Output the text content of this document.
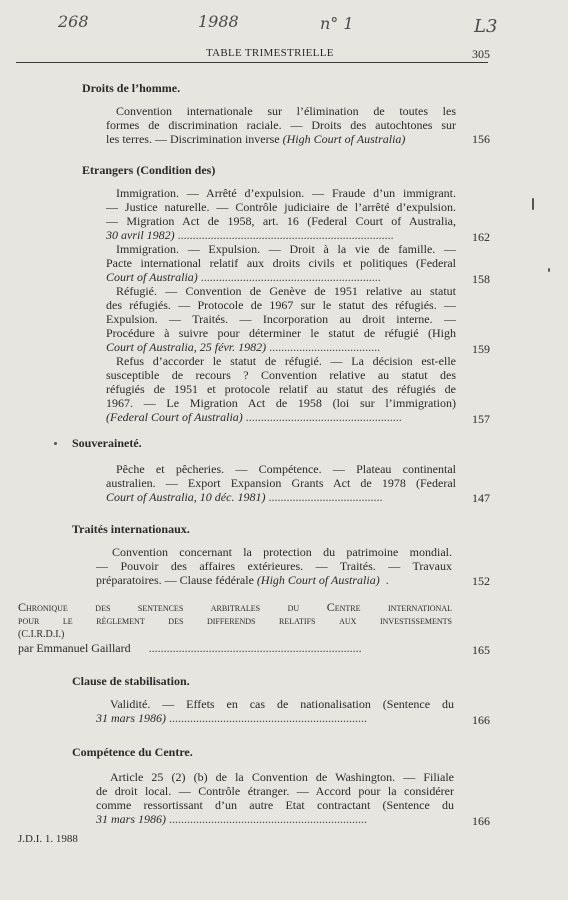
268	1988	n° 1	L3
TABLE TRIMESTRIELLE	305
Droits de l’homme.
Convention internationale sur l’élimination de toutes les
formes de discrimination raciale. — Droits des autochtones sur
les terres. — Discrimination inverse (High Court of Australia)	156
Etrangers (Condition des)
Immigration. — Arrêté d’expulsion. — Fraude d’un immigrant.
— Justice naturelle. — Contrôle judiciaire de l’arrêté d’expulsion.
— Migration Act de 1958, art. 16 (Federal Court of Australia,
30 avril 1982) ........................................................................	162
Immigration. — Expulsion. — Droit à la vie de famille. —
Pacte international relatif aux droits civils et politiques (Federal
Court of Australia) ............................................................	158
Réfugié. — Convention de Genève de 1951 relative au statut
des réfugiés. — Protocole de 1967 sur le statut des réfugiés. —
Expulsion. — Traités. — Incorporation au droit interne. —
Procédure à suivre pour déterminer le statut de réfugié (High
Court of Australia, 25 févr. 1982) .....................................	159
Refus d’accorder le statut de réfugié. — La décision est-elle
susceptible de recours ? Convention relative au statut des
réfugiés de 1951 et protocole relatif au statut des réfugiés de
1967. — Le Migration Act de 1958 (loi sur l’immigration)
(Federal Court of Australia) ....................................................	157
Souveraineté.
Pêche et pêcheries. — Compétence. — Plateau continental
australien. — Export Expansion Grants Act de 1978 (Federal
Court of Australia, 10 déc. 1981) ......................................	147
Traités internationaux.
Convention concernant la protection du patrimoine mondial.
— Pouvoir des affaires extérieures. — Traités. — Travaux
préparatoires. — Clause fédérale (High Court of Australia)  .	152
Chronique des sentences arbitrales du Centre international
pour le règlement des differends relatifs aux investissements
(C.I.R.D.I.)
par Emmanuel Gaillard      .......................................................................	165
Clause de stabilisation.
Validité. — Effets en cas de nationalisation (Sentence du
31 mars 1986) ..................................................................	166
Compétence du Centre.
Article 25 (2) (b) de la Convention de Washington. — Filiale
de droit local. — Contrôle étranger. — Accord pour la considérer
comme ressortissant d’un autre Etat contractant (Sentence du
31 mars 1986) ..................................................................	166
J.D.I. 1. 1988
